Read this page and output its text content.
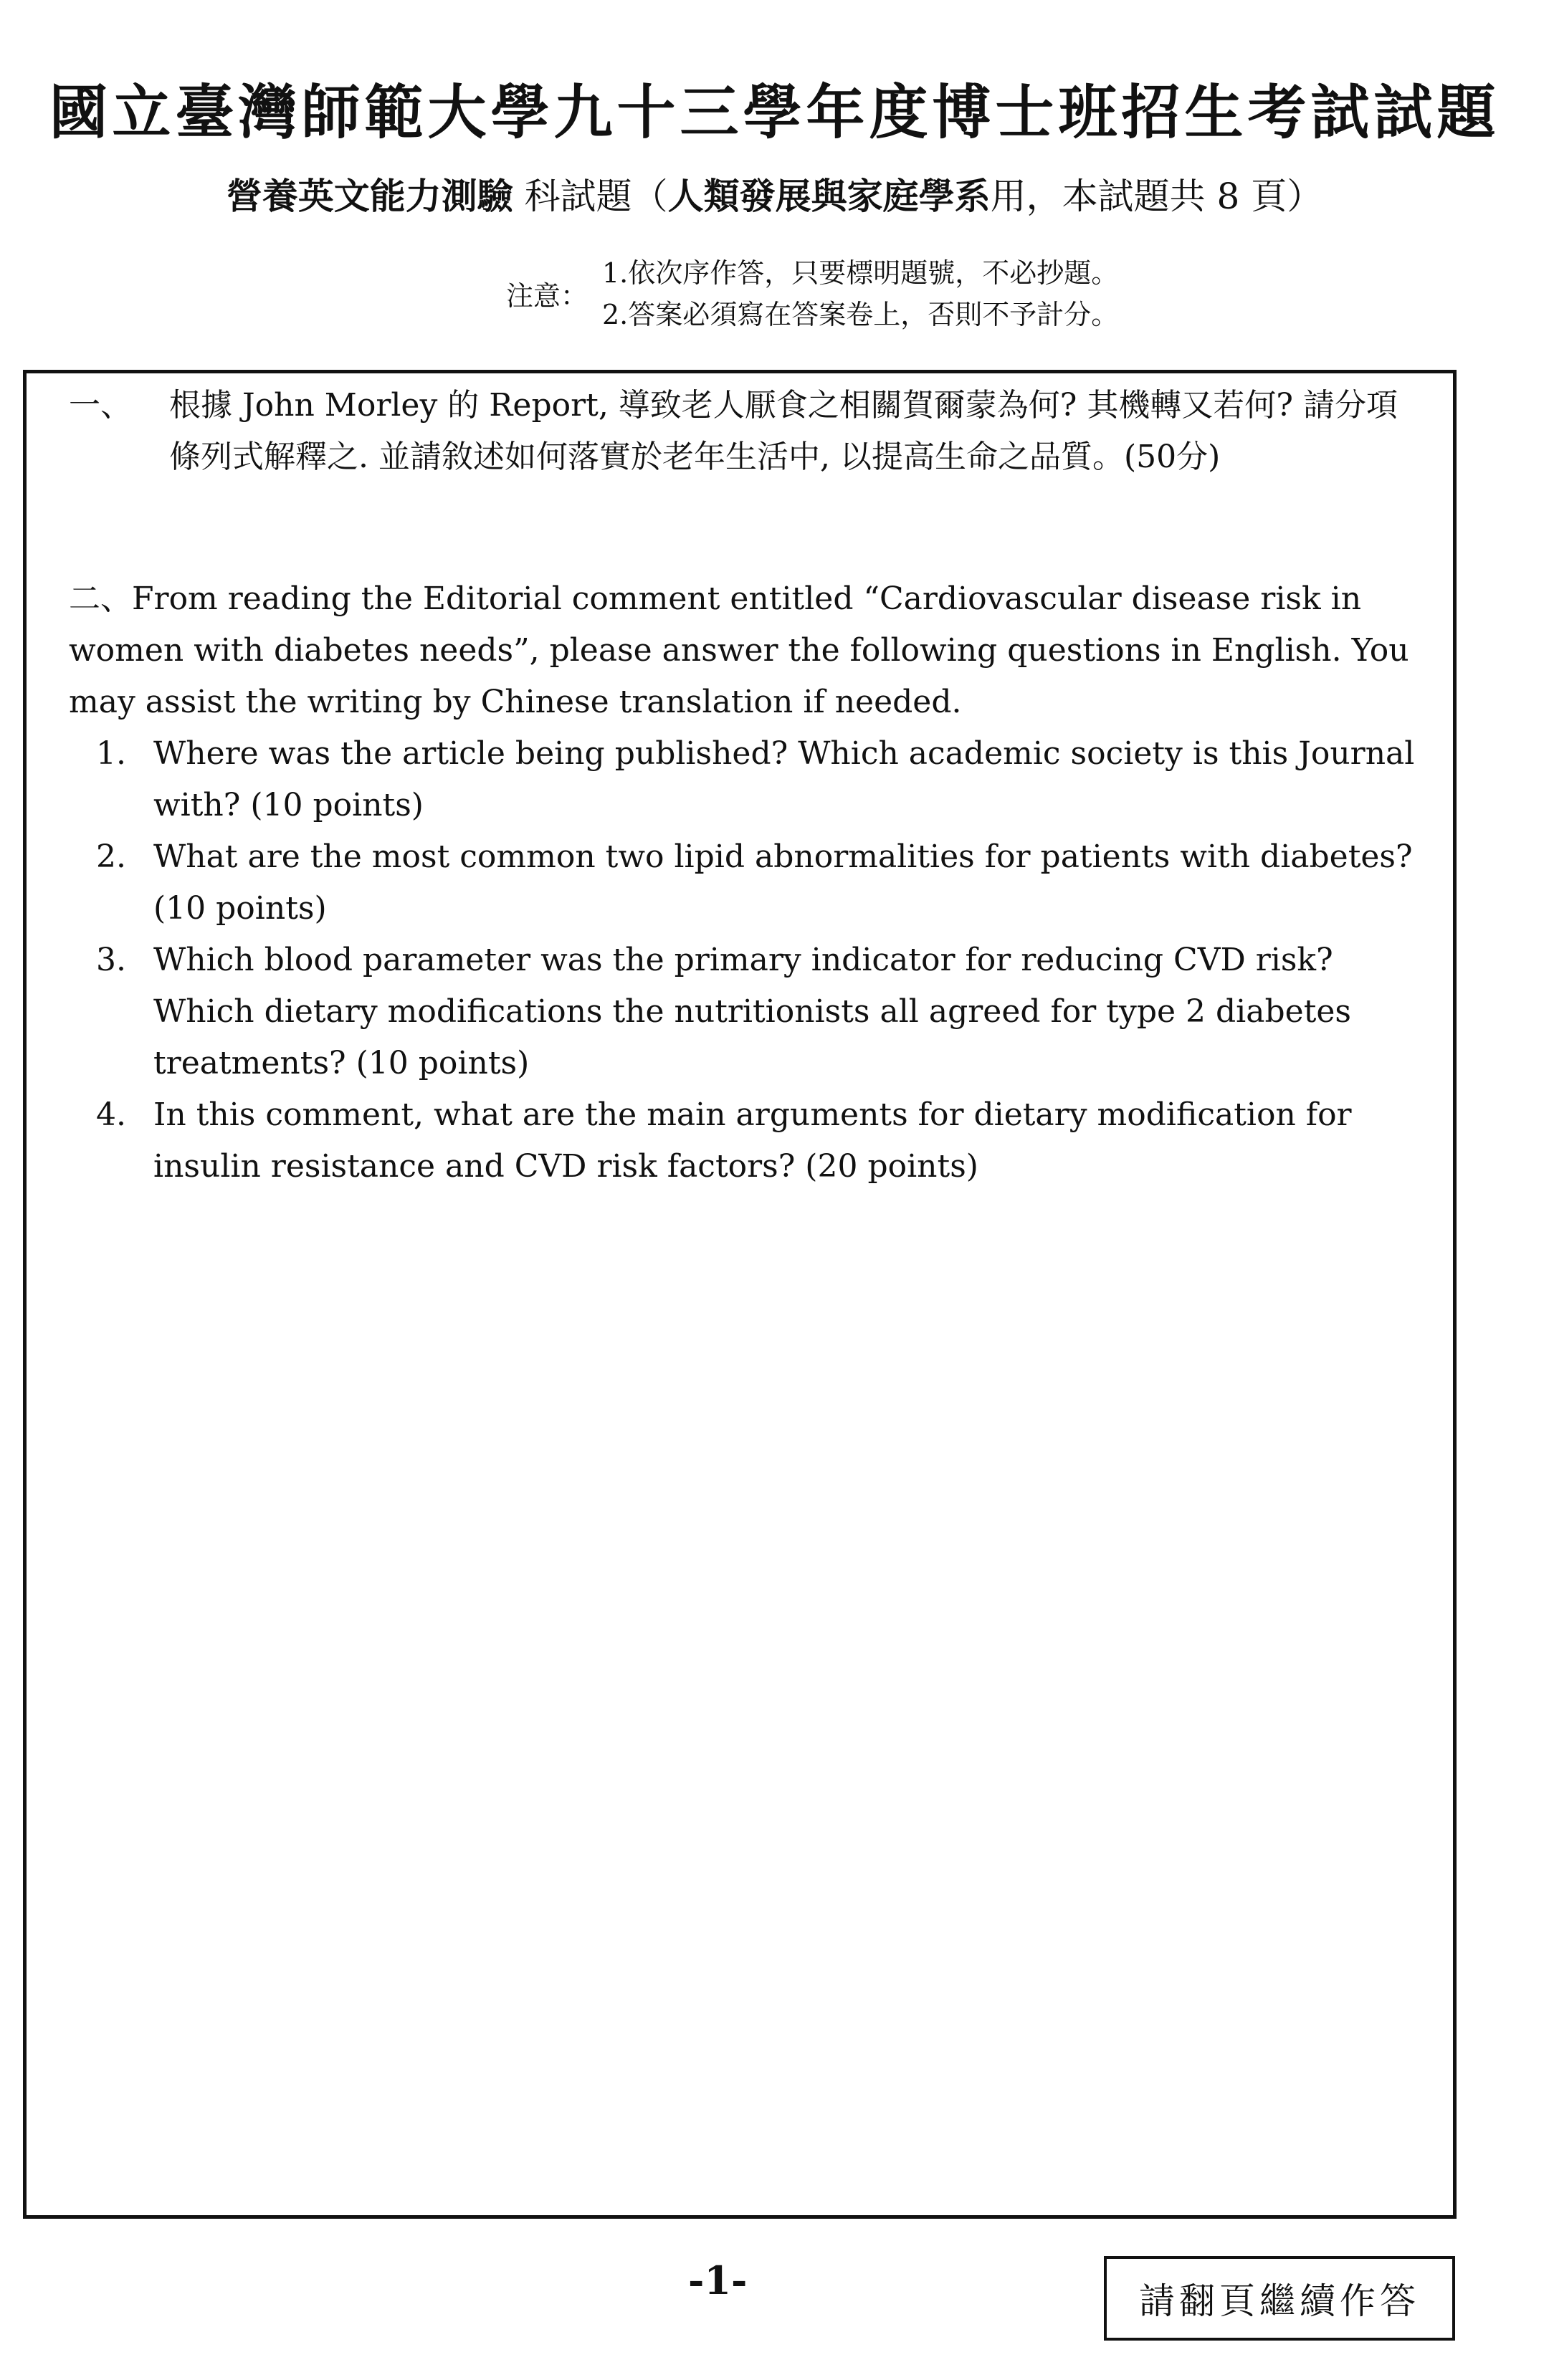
國立臺灣師範大學九十三學年度博士班招生考試試題
營養英文能力測驗 科試題（人類發展與家庭學系用，本試題共 8 頁）
注意：
1.依次序作答，只要標明題號，不必抄題。
2.答案必須寫在答案卷上，否則不予計分。
一、 根據 John Morley 的 Report, 導致老人厭食之相關賀爾蒙為何? 其機轉又若何? 請分項條列式解釋之. 並請敘述如何落實於老年生活中, 以提高生命之品質。(50分)

二、From reading the Editorial comment entitled “Cardiovascular disease risk in women with diabetes needs”, please answer the following questions in English. You may assist the writing by Chinese translation if needed.

1. Where was the article being published? Which academic society is this Journal with? (10 points)
2. What are the most common two lipid abnormalities for patients with diabetes? (10 points)
3. Which blood parameter was the primary indicator for reducing CVD risk? Which dietary modifications the nutritionists all agreed for type 2 diabetes treatments? (10 points)
4. In this comment, what are the main arguments for dietary modification for insulin resistance and CVD risk factors? (20 points)
-1-	請翻頁繼續作答
